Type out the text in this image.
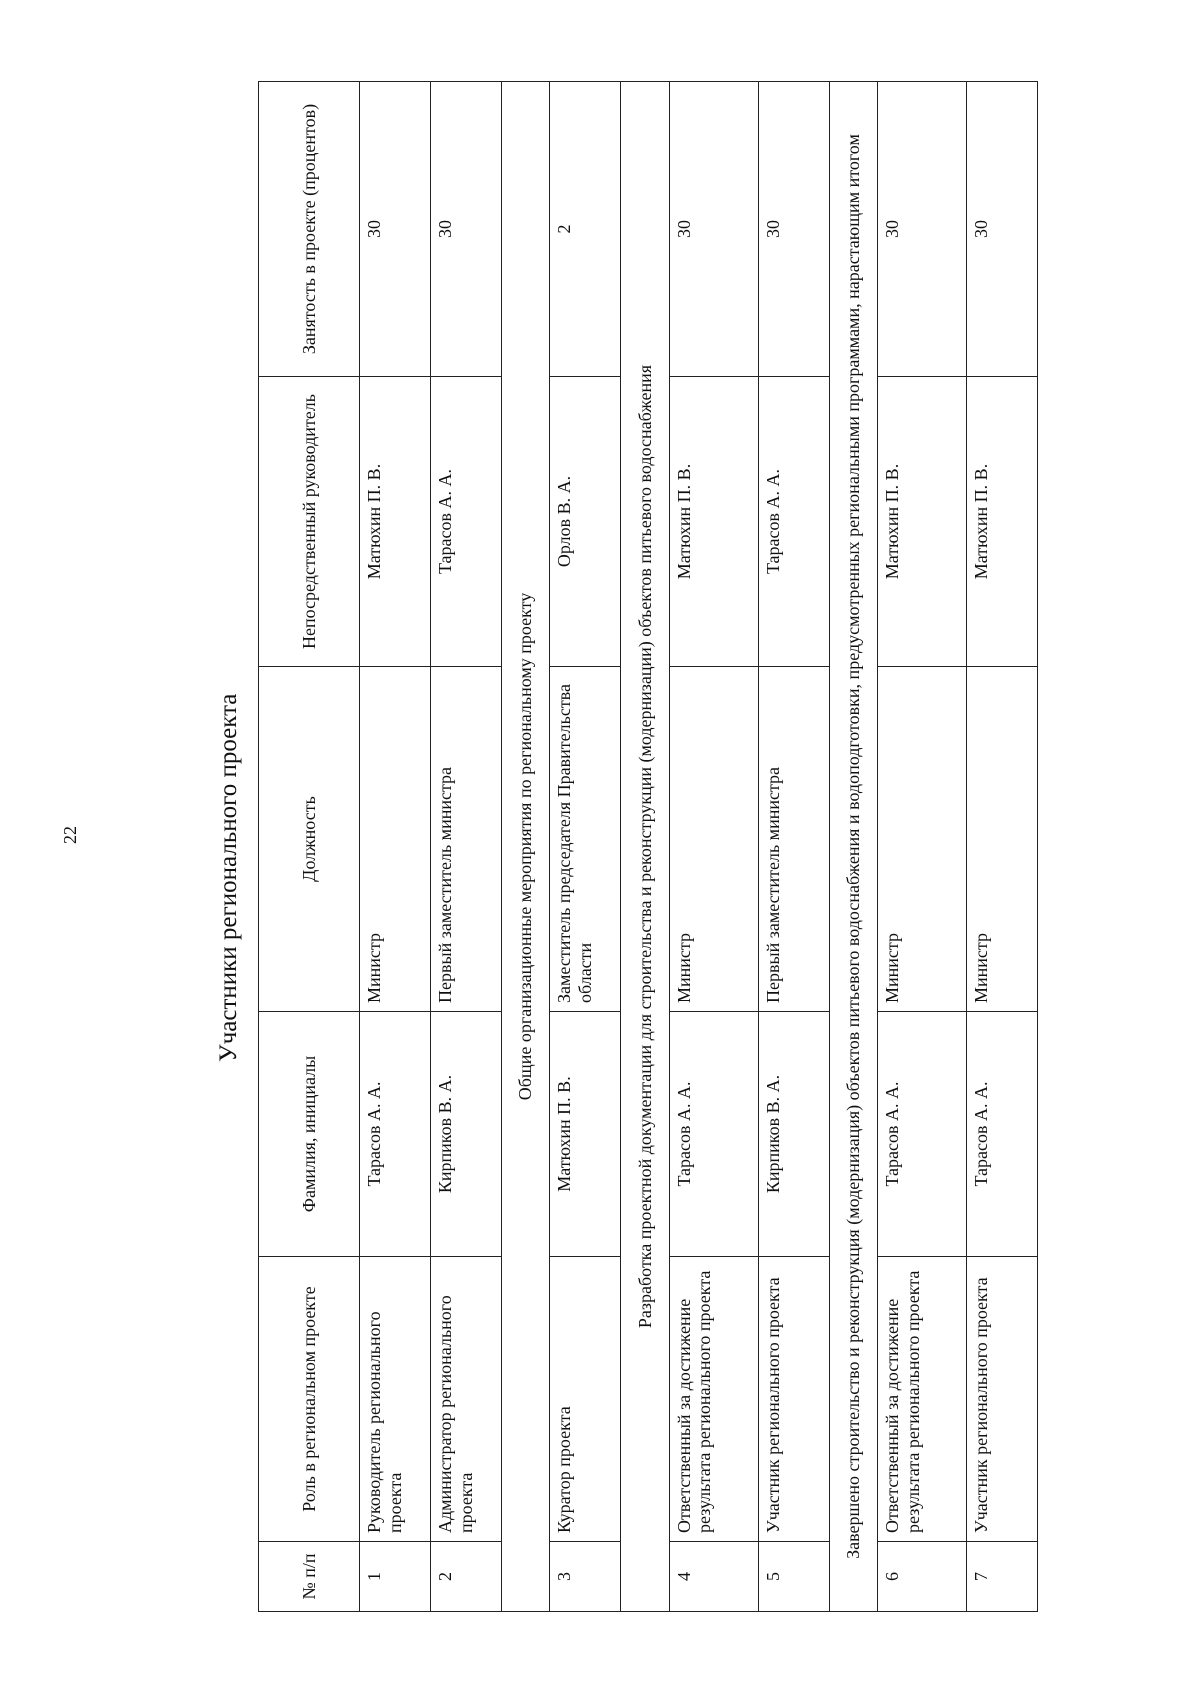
22	Участники регионального проекта
№ п/п	Роль в региональном проекте	Фамилия, инициалы	Должность	Непосредственный руководитель	Занятость в проекте (процентов)
1	Руководитель регионального проекта	Тарасов А. А.	Министр	Матюхин П. В.	30
2	Администратор регионального проекта	Кирпиков В. А.	Первый заместитель министра	Тарасов А. А.	30
Общие организационные мероприятия по региональному проекту					
3	Куратор проекта	Матюхин П. В.	Заместитель председателя Правительства области	Орлов В. А.	2
Разработка проектной документации для строительства и реконструкции (модернизации) объектов питьевого водоснабжения					
4	Ответственный за достижение результата регионального проекта	Тарасов А. А.	Министр	Матюхин П. В.	30
5	Участник регионального проекта	Кирпиков В. А.	Первый заместитель министра	Тарасов А. А.	30
Завершено строительство и реконструкция (модернизация) объектов питьевого водоснабжения и водоподготовки, предусмотренных региональными программами, нарастающим итогом					
6	Ответственный за достижение результата регионального проекта	Тарасов А. А.	Министр	Матюхин П. В.	30
7	Участник регионального проекта	Тарасов А. А.	Министр	Матюхин П. В.	30
